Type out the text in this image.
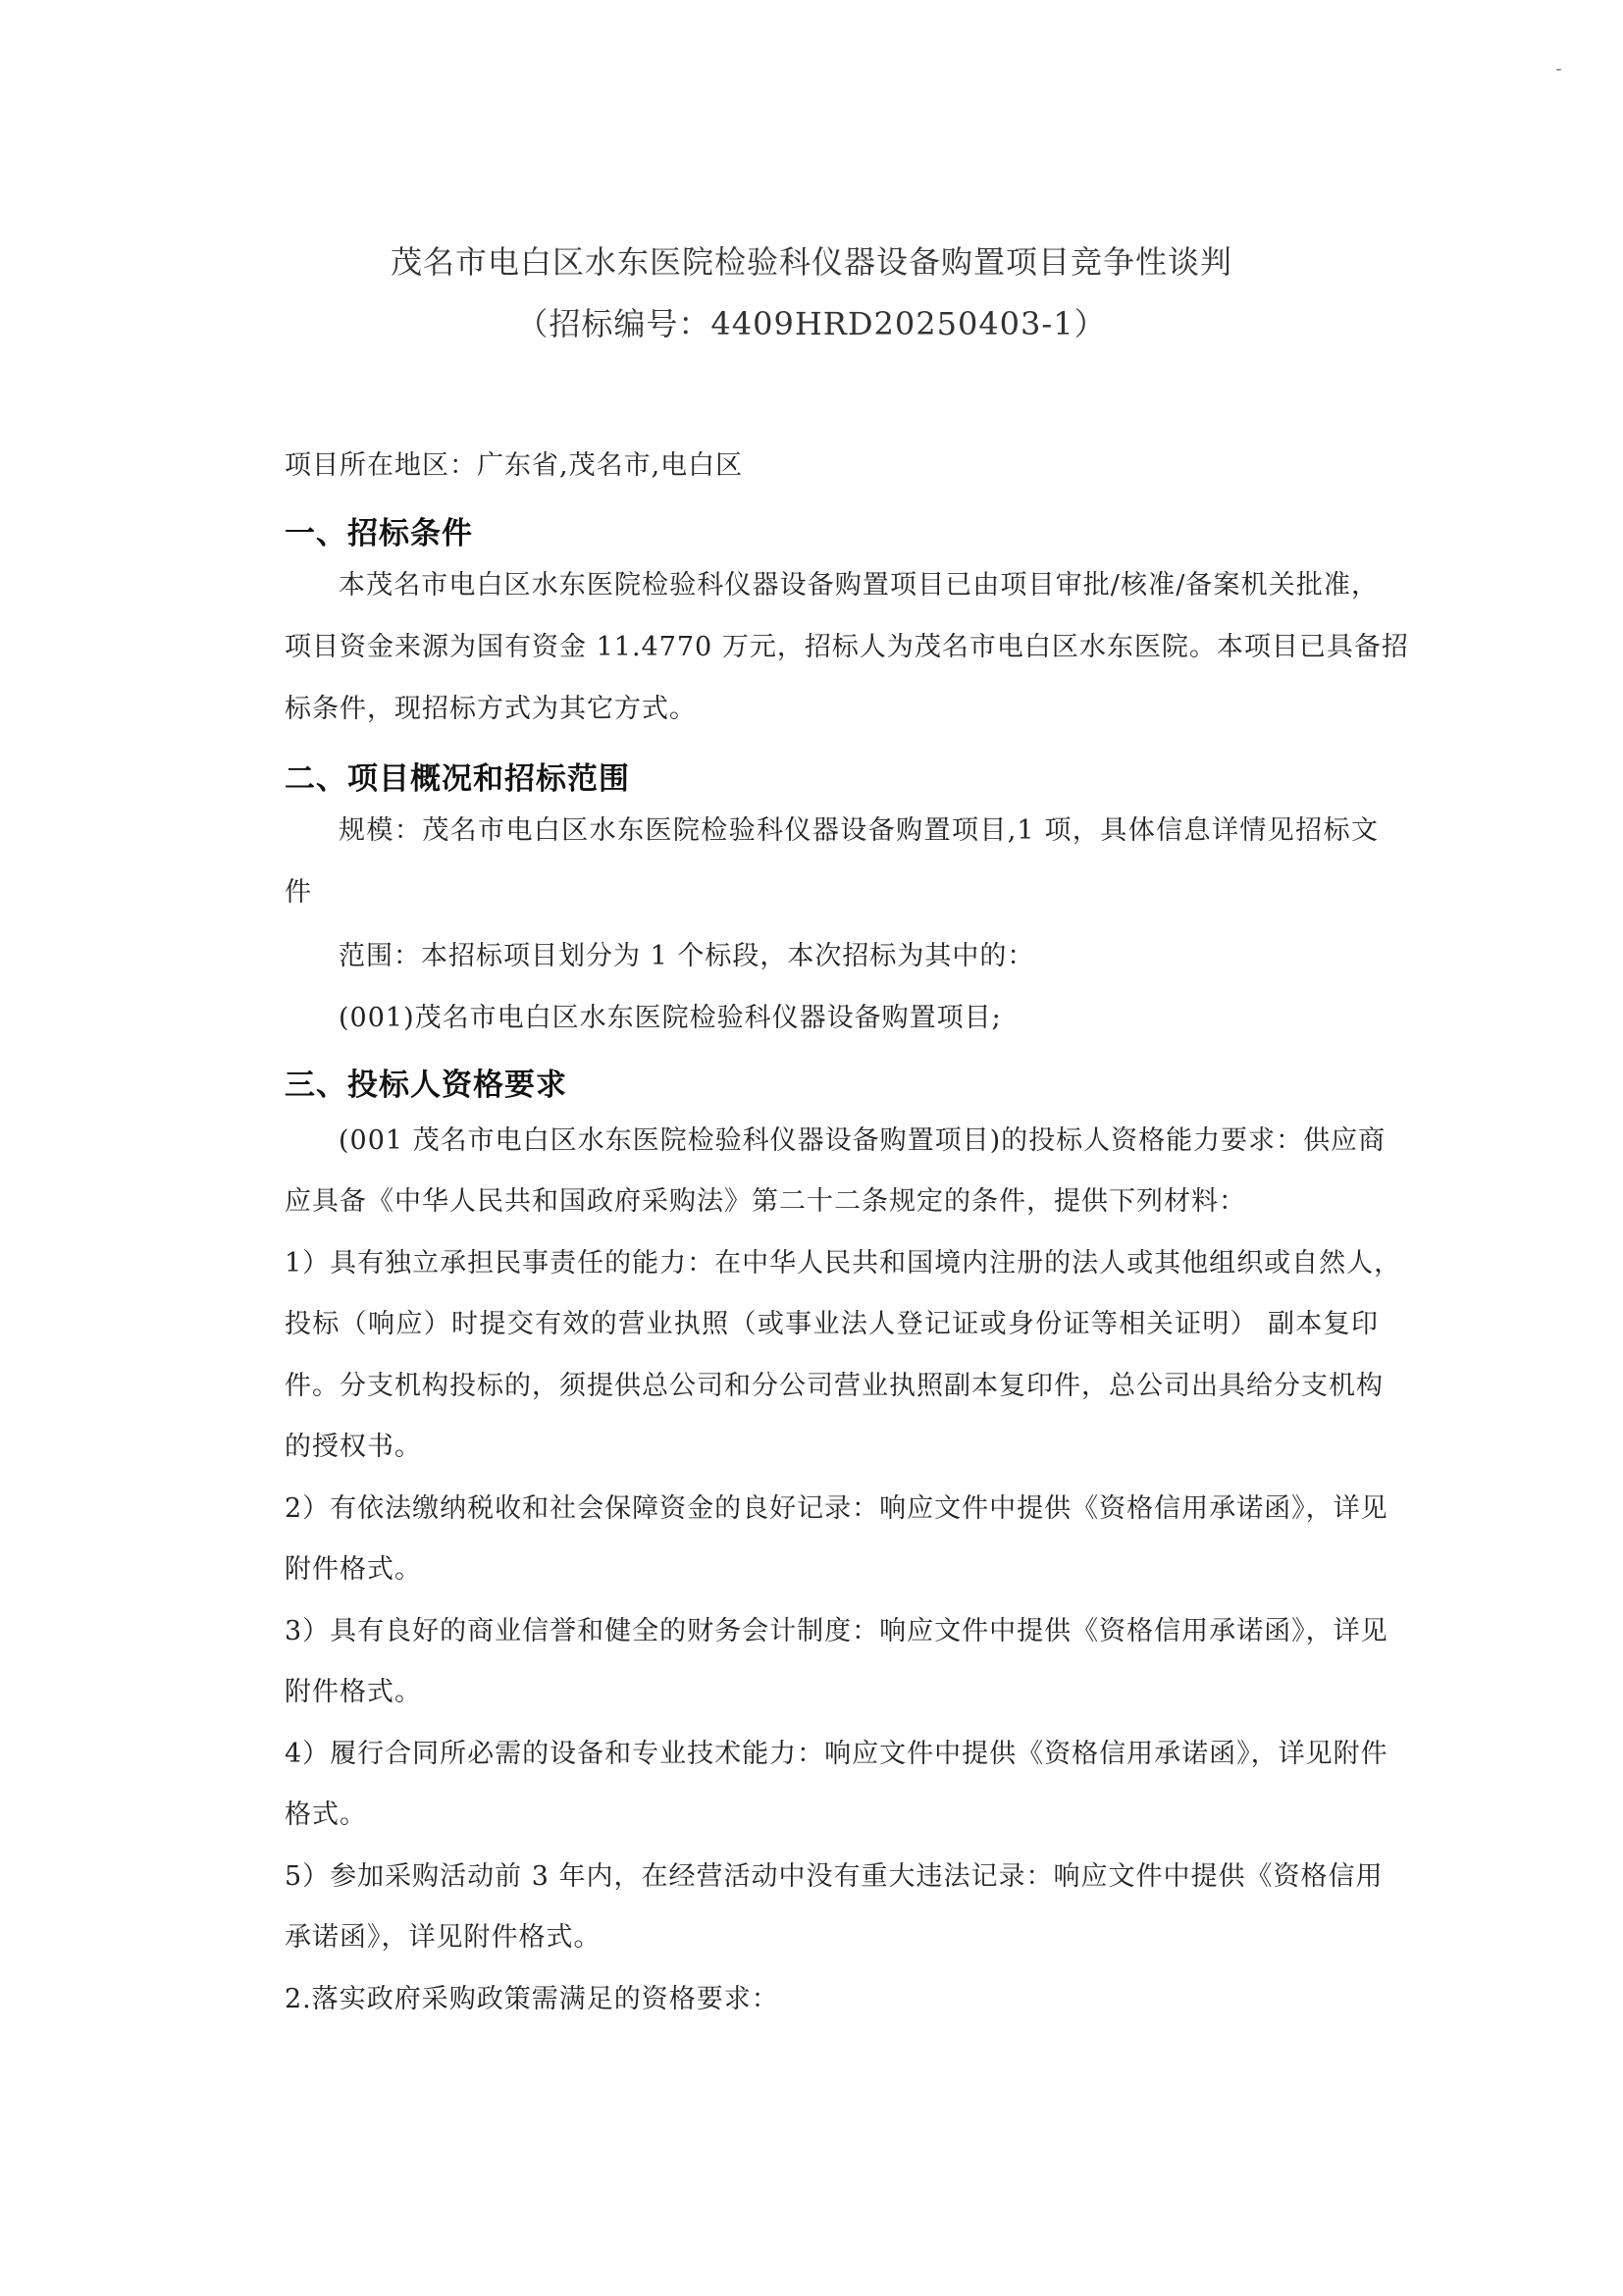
茂名市电白区水东医院检验科仪器设备购置项目竞争性谈判
（招标编号：4409HRD20250403-1）
项目所在地区：广东省,茂名市,电白区
一、招标条件
本茂名市电白区水东医院检验科仪器设备购置项目已由项目审批/核准/备案机关批准，
项目资金来源为国有资金 11.4770 万元，招标人为茂名市电白区水东医院。本项目已具备招
标条件，现招标方式为其它方式。
二、项目概况和招标范围
规模：茂名市电白区水东医院检验科仪器设备购置项目,1 项，具体信息详情见招标文
件
范围：本招标项目划分为 1 个标段，本次招标为其中的：
(001)茂名市电白区水东医院检验科仪器设备购置项目;
三、投标人资格要求
(001 茂名市电白区水东医院检验科仪器设备购置项目)的投标人资格能力要求：供应商
应具备《中华人民共和国政府采购法》第二十二条规定的条件，提供下列材料：
1）具有独立承担民事责任的能力：在中华人民共和国境内注册的法人或其他组织或自然人，
投标（响应）时提交有效的营业执照（或事业法人登记证或身份证等相关证明） 副本复印
件。分支机构投标的，须提供总公司和分公司营业执照副本复印件，总公司出具给分支机构
的授权书。
2）有依法缴纳税收和社会保障资金的良好记录：响应文件中提供《资格信用承诺函》，详见
附件格式。
3）具有良好的商业信誉和健全的财务会计制度：响应文件中提供《资格信用承诺函》，详见
附件格式。
4）履行合同所必需的设备和专业技术能力：响应文件中提供《资格信用承诺函》，详见附件
格式。
5）参加采购活动前 3 年内，在经营活动中没有重大违法记录：响应文件中提供《资格信用
承诺函》，详见附件格式。
2.落实政府采购政策需满足的资格要求：
